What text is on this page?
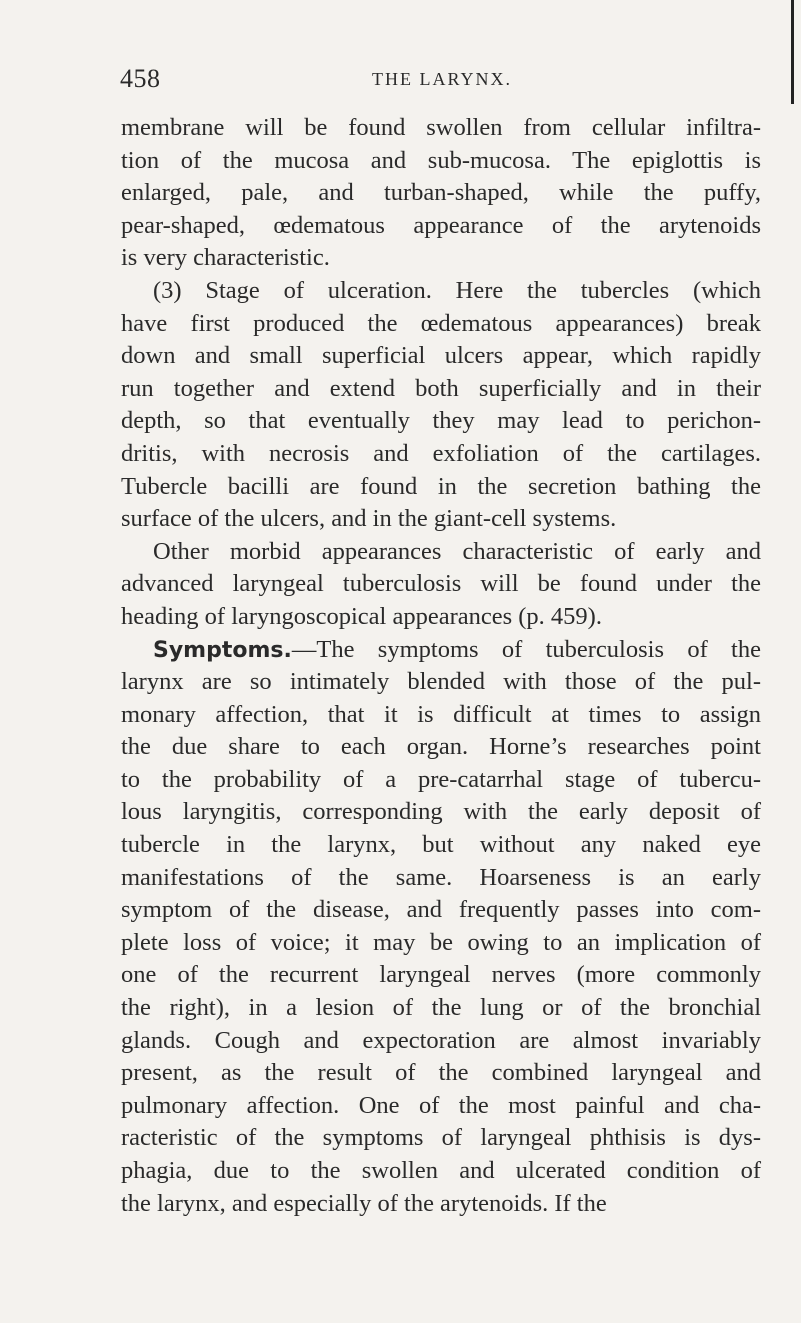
458	THE LARYNX.
membrane will be found swollen from cellular infiltra-
tion of the mucosa and sub-mucosa. The epiglottis is
enlarged, pale, and turban-shaped, while the puffy,
pear-shaped, œdematous appearance of the arytenoids
is very characteristic.
(3) Stage of ulceration. Here the tubercles (which
have first produced the œdematous appearances) break
down and small superficial ulcers appear, which rapidly
run together and extend both superficially and in their
depth, so that eventually they may lead to perichon-
dritis, with necrosis and exfoliation of the cartilages.
Tubercle bacilli are found in the secretion bathing the
surface of the ulcers, and in the giant-cell systems.
Other morbid appearances characteristic of early and
advanced laryngeal tuberculosis will be found under the
heading of laryngoscopical appearances (p. 459).
Symptoms.—The symptoms of tuberculosis of the
larynx are so intimately blended with those of the pul-
monary affection, that it is difficult at times to assign
the due share to each organ. Horne’s researches point
to the probability of a pre-catarrhal stage of tubercu-
lous laryngitis, corresponding with the early deposit of
tubercle in the larynx, but without any naked eye
manifestations of the same. Hoarseness is an early
symptom of the disease, and frequently passes into com-
plete loss of voice; it may be owing to an implication of
one of the recurrent laryngeal nerves (more commonly
the right), in a lesion of the lung or of the bronchial
glands. Cough and expectoration are almost invariably
present, as the result of the combined laryngeal and
pulmonary affection. One of the most painful and cha-
racteristic of the symptoms of laryngeal phthisis is dys-
phagia, due to the swollen and ulcerated condition of
the larynx, and especially of the arytenoids. If the
